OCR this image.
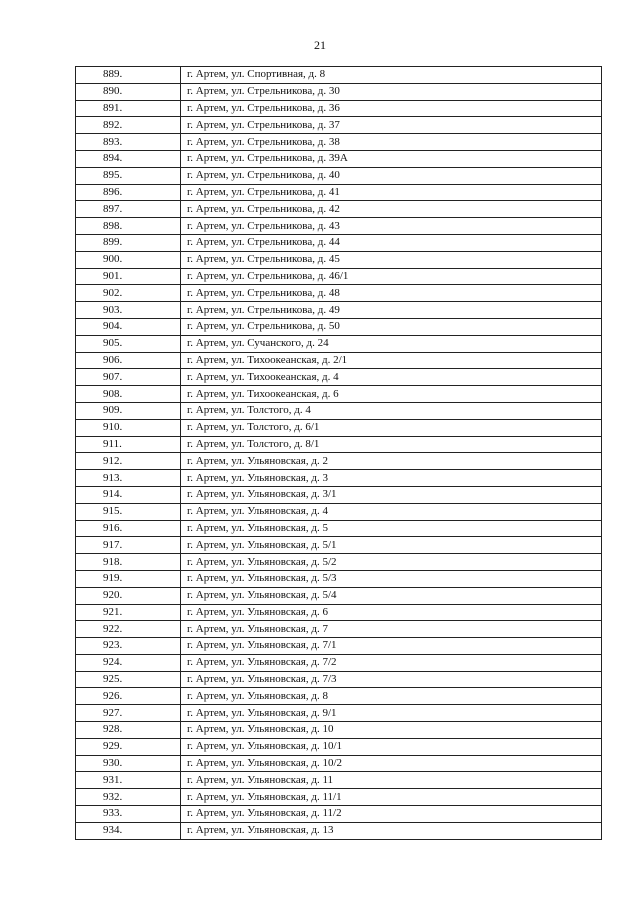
21
889.	г. Артем, ул. Спортивная, д. 8
890.	г. Артем, ул. Стрельникова, д. 30
891.	г. Артем, ул. Стрельникова, д. 36
892.	г. Артем, ул. Стрельникова, д. 37
893.	г. Артем, ул. Стрельникова, д. 38
894.	г. Артем, ул. Стрельникова, д. 39А
895.	г. Артем, ул. Стрельникова, д. 40
896.	г. Артем, ул. Стрельникова, д. 41
897.	г. Артем, ул. Стрельникова, д. 42
898.	г. Артем, ул. Стрельникова, д. 43
899.	г. Артем, ул. Стрельникова, д. 44
900.	г. Артем, ул. Стрельникова, д. 45
901.	г. Артем, ул. Стрельникова, д. 46/1
902.	г. Артем, ул. Стрельникова, д. 48
903.	г. Артем, ул. Стрельникова, д. 49
904.	г. Артем, ул. Стрельникова, д. 50
905.	г. Артем, ул. Сучанского, д. 24
906.	г. Артем, ул. Тихоокеанская, д. 2/1
907.	г. Артем, ул. Тихоокеанская, д. 4
908.	г. Артем, ул. Тихоокеанская, д. 6
909.	г. Артем, ул. Толстого, д. 4
910.	г. Артем, ул. Толстого, д. 6/1
911.	г. Артем, ул. Толстого, д. 8/1
912.	г. Артем, ул. Ульяновская, д. 2
913.	г. Артем, ул. Ульяновская, д. 3
914.	г. Артем, ул. Ульяновская, д. 3/1
915.	г. Артем, ул. Ульяновская, д. 4
916.	г. Артем, ул. Ульяновская, д. 5
917.	г. Артем, ул. Ульяновская, д. 5/1
918.	г. Артем, ул. Ульяновская, д. 5/2
919.	г. Артем, ул. Ульяновская, д. 5/3
920.	г. Артем, ул. Ульяновская, д. 5/4
921.	г. Артем, ул. Ульяновская, д. 6
922.	г. Артем, ул. Ульяновская, д. 7
923.	г. Артем, ул. Ульяновская, д. 7/1
924.	г. Артем, ул. Ульяновская, д. 7/2
925.	г. Артем, ул. Ульяновская, д. 7/3
926.	г. Артем, ул. Ульяновская, д. 8
927.	г. Артем, ул. Ульяновская, д. 9/1
928.	г. Артем, ул. Ульяновская, д. 10
929.	г. Артем, ул. Ульяновская, д. 10/1
930.	г. Артем, ул. Ульяновская, д. 10/2
931.	г. Артем, ул. Ульяновская, д. 11
932.	г. Артем, ул. Ульяновская, д. 11/1
933.	г. Артем, ул. Ульяновская, д. 11/2
934.	г. Артем, ул. Ульяновская, д. 13
